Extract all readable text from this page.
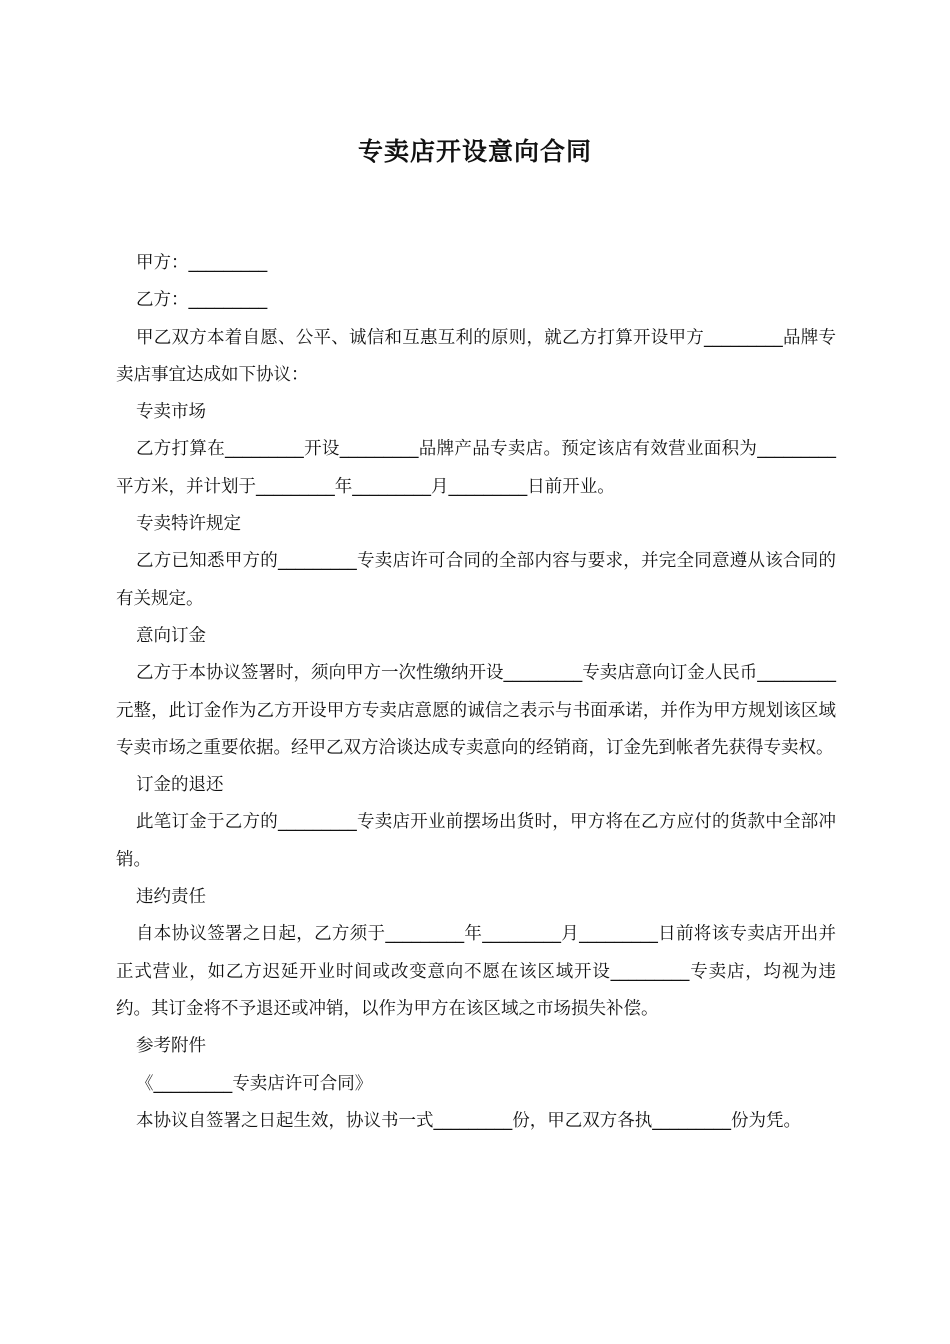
专卖店开设意向合同

甲方：_________

乙方：_________

甲乙双方本着自愿、公平、诚信和互惠互利的原则，就乙方打算开设甲方_________品牌专卖店事宜达成如下协议：

专卖市场

乙方打算在_________开设_________品牌产品专卖店。预定该店有效营业面积为_________平方米，并计划于_________年_________月_________日前开业。

专卖特许规定

乙方已知悉甲方的_________专卖店许可合同的全部内容与要求，并完全同意遵从该合同的有关规定。

意向订金

乙方于本协议签署时，须向甲方一次性缴纳开设_________专卖店意向订金人民币_________元整，此订金作为乙方开设甲方专卖店意愿的诚信之表示与书面承诺，并作为甲方规划该区域专卖市场之重要依据。经甲乙双方洽谈达成专卖意向的经销商，订金先到帐者先获得专卖权。

订金的退还

此笔订金于乙方的_________专卖店开业前摆场出货时，甲方将在乙方应付的货款中全部冲销。

违约责任

自本协议签署之日起，乙方须于_________年_________月_________日前将该专卖店开出并正式营业，如乙方迟延开业时间或改变意向不愿在该区域开设_________专卖店，均视为违约。其订金将不予退还或冲销，以作为甲方在该区域之市场损失补偿。

参考附件

《_________专卖店许可合同》

本协议自签署之日起生效，协议书一式_________份，甲乙双方各执_________份为凭。
